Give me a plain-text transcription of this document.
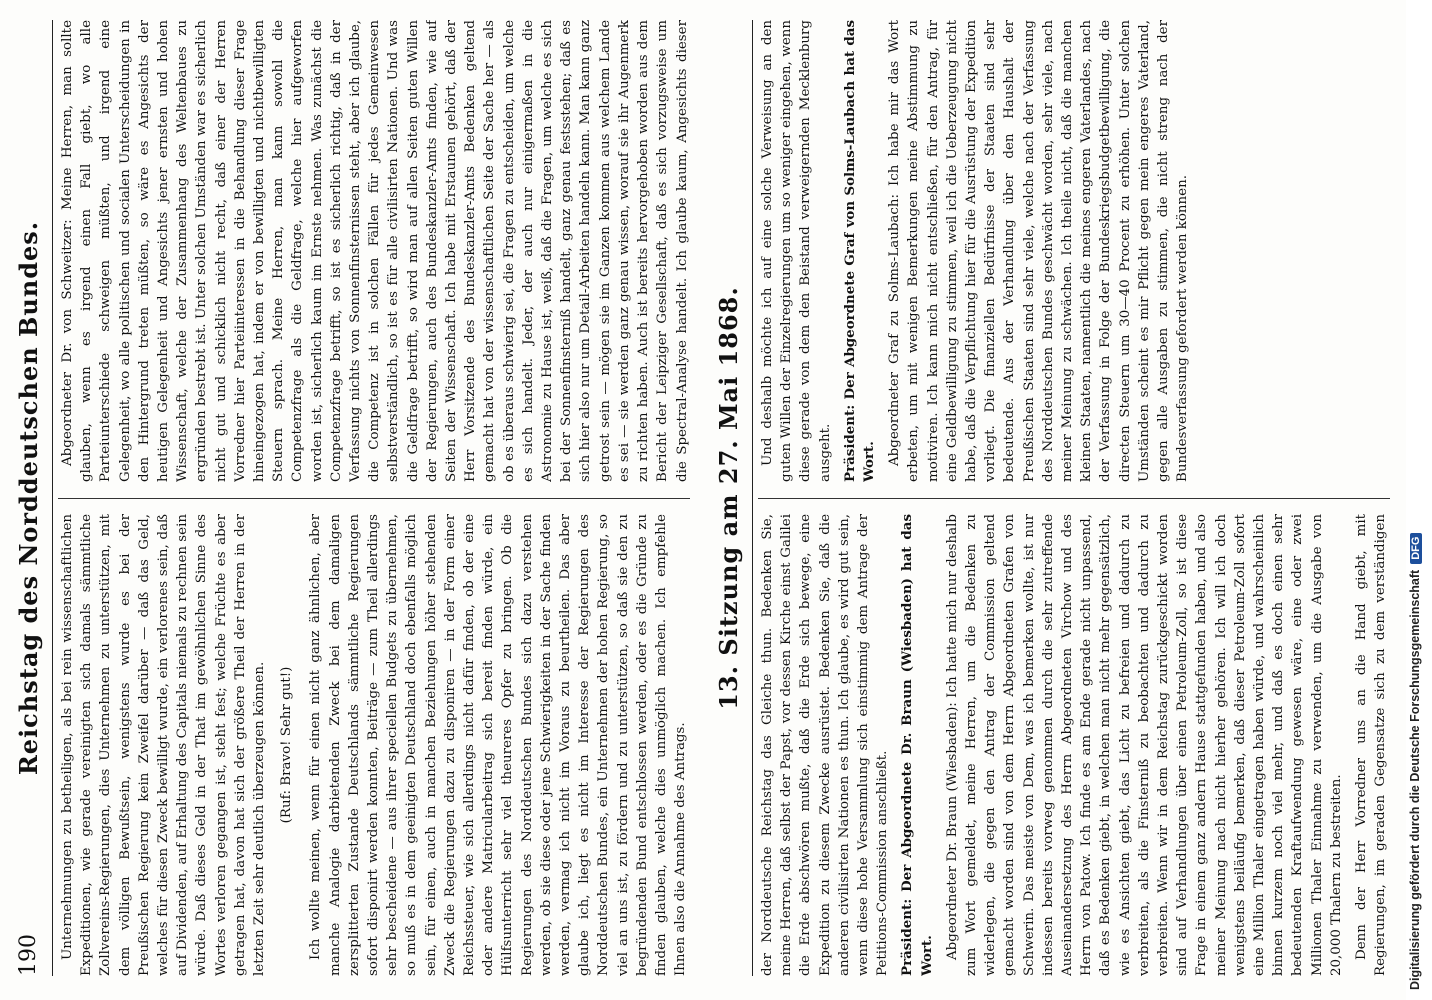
190
Reichstag des Norddeutschen Bundes. Unternehmungen zu betheiligen, als bei rein wissenschaftlichen Expeditionen, wie gerade vereinigten sich damals sämmtliche Zollvereins-Regierungen, dies Unternehmen zu unterstützen, mit dem völligen Bewußtsein, wenigstens wurde es bei der Preußischen Regierung kein Zweifel darüber — daß das Geld, welches für diesen Zweck bewilligt wurde, ein verlorenes sein, daß auf Dividenden, auf Erhaltung des Capitals niemals zu rechnen sein würde. Daß dieses Geld in der That im gewöhnlichen Sinne des Wortes verloren gegangen ist, steht fest; welche Früchte es aber getragen hat, davon hat sich der größere Theil der Herren in der letzten Zeit sehr deutlich überzeugen können. (Ruf: Bravo! Sehr gut!) Ich wollte meinen, wenn für einen nicht ganz ähnlichen, aber manche Analogie darbietenden Zweck bei dem damaligen zersplitterten Zustande Deutschlands sämmtliche Regierungen sofort disponirt werden konnten, Beiträge — zum Theil allerdings sehr bescheidene — aus ihrer speciellen Budgets zu übernehmen, so muß es in dem geeinigten Deutschland doch ebenfalls möglich sein, für einen, auch in manchen Beziehungen höher stehenden Zweck die Regierungen dazu zu disponiren — in der Form einer Reichssteuer, wie sich allerdings nicht dafür finden, ob der eine oder andere Matricularbeitrag sich bereit finden würde, ein Hülfsunterricht sehr viel theureres Opfer zu bringen. Ob die Regierungen des Norddeutschen Bundes sich dazu verstehen werden, ob sie diese oder jene Schwierigkeiten in der Sache finden werden, vermag ich nicht im Voraus zu beurtheilen. Das aber glaube ich, liegt es nicht im Interesse der Regierungen des Norddeutschen Bundes, ein Unternehmen der hohen Regierung, so viel an uns ist, zu fördern und zu unterstützen, so daß sie den zu begründenden Bund entschlossen werden, oder es die Gründe zu finden glauben, welche dies unmöglich machen. Ich empfehle Ihnen also die Annahme des Antrags.

Abgeordneter Dr. von Schweitzer: Meine Herren, man sollte glauben, wenn es irgend einen Fall giebt, wo alle Parteiunterschiede schweigen müßten, und irgend eine Gelegenheit, wo alle politischen und socialen Unterscheidungen in den Hintergrund treten müßten, so wäre es Angesichts der heutigen Gelegenheit und Angesichts jener ernsten und hohen Wissenschaft, welche der Zusammenhang des Weltenbaues zu ergründen bestrebt ist. Unter solchen Umständen war es sicherlich nicht gut und schicklich nicht recht, daß einer der Herren Vorredner hier Parteiinteressen in die Behandlung dieser Frage hineingezogen hat, indem er von bewilligten und nichtbewilligten Steuern sprach. Meine Herren, man kann sowohl die Competenzfrage als die Geldfrage, welche hier aufgeworfen worden ist, sicherlich kaum im Ernste nehmen. Was zunächst die Competenzfrage betrifft, so ist es sicherlich richtig, daß in der Verfassung nichts von Sonnenfinsternissen steht, aber ich glaube, die Competenz ist in solchen Fällen für jedes Gemeinwesen selbstverständlich, so ist es für alle civilisirten Nationen. Und was die Geldfrage betrifft, so wird man auf allen Seiten guten Willen der Regierungen, auch des Bundeskanzler-Amts finden, wie auf Seiten der Wissenschaft. Ich habe mit Erstaunen gehört, daß der Herr Vorsitzende des Bundeskanzler-Amts Bedenken geltend gemacht hat von der wissenschaftlichen Seite der Sache her — als ob es überaus schwierig sei, die Fragen zu entscheiden, um welche es sich handelt. Jeder, der auch nur einigermaßen in die Astronomie zu Hause ist, weiß, daß die Fragen, um welche es sich bei der Sonnenfinsterniß handelt, ganz genau festsstehen; daß es sich hier also nur um Detail-Arbeiten handeln kann. Man kann ganz getrost sein — mögen sie im Ganzen kommen aus welchem Lande es sei — sie werden ganz genau wissen, worauf sie ihr Augenmerk zu richten haben. Auch ist bereits hervorgehoben worden aus dem Bericht der Leipziger Gesellschaft, daß es sich vorzugsweise um die Spectral-Analyse handelt. Ich glaube kaum, Angesichts dieser

13. Sitzung am 27. Mai 1868.

der Norddeutsche Reichstag das Gleiche thun. Bedenken Sie, meine Herren, daß selbst der Papst, vor dessen Kirche einst Galilei die Erde abschwören mußte, daß die Erde sich bewege, eine Expedition zu diesem Zwecke ausrüstet. Bedenken Sie, daß die anderen civilisirten Nationen es thun. Ich glaube, es wird gut sein, wenn diese hohe Versammlung sich einstimmig dem Antrage der Petitions-Commission anschließt. Präsident: Der Abgeordnete Dr. Braun (Wiesbaden) hat das Wort. Abgeordneter Dr. Braun (Wiesbaden): Ich hatte mich nur deshalb zum Wort gemeldet, meine Herren, um die Bedenken zu widerlegen, die gegen den Antrag der Commission geltend gemacht worden sind von dem Herrn Abgeordneten Grafen von Schwerin. Das meiste von Dem, was ich bemerken wollte, ist nur indessen bereits vorweg genommen durch die sehr zutreffende Auseinandersetzung des Herrn Abgeordneten Virchow und des Herrn von Patow. Ich finde es am Ende gerade nicht unpassend, daß es Bedenken giebt, in welchen man nicht mehr gegensätzlich, wie es Ansichten giebt, das Licht zu befreien und dadurch zu verbreiten, als die Finsterniß zu beobachten und dadurch zu verbreiten. Wenn wir in dem Reichstag zurückgeschickt worden sind auf Verhandlungen über einen Petroleum-Zoll, so ist diese Frage in einem ganz andern Hause stattgefunden haben, und also meiner Meinung nach nicht hierher gehören. Ich will ich doch wenigstens beiläufig bemerken, daß dieser Petroleum-Zoll sofort eine Million Thaler eingetragen haben würde, und wahrscheinlich binnen kurzem noch viel mehr, und daß es doch einen sehr bedeutenden Kraftaufwendung gewesen wäre, eine oder zwei Millionen Thaler Einnahme zu verwenden, um die Ausgabe von 20,000 Thalern zu bestreiten. Denn der Herr Vorredner uns an die Hand giebt, mit Regierungen, im geraden Gegensatze sich zu dem verständigen

Und deshalb möchte ich auf eine solche Verweisung an den guten Willen der Einzelregierungen um so weniger eingehen, wenn diese gerade von dem den Beistand verweigernden Mecklenburg ausgeht. Präsident: Der Abgeordnete Graf von Solms-Laubach hat das Wort. Abgeordneter Graf zu Solms-Laubach: Ich habe mir das Wort erbeten, um mit wenigen Bemerkungen meine Abstimmung zu motiviren. Ich kann mich nicht entschließen, für den Antrag, für eine Geldbewilligung zu stimmen, weil ich die Ueberzeugung nicht habe, daß die Verpflichtung hier für die Ausrüstung der Expedition vorliegt. Die finanziellen Bedürfnisse der Staaten sind sehr bedeutende. Aus der Verhandlung über den Haushalt der Preußischen Staaten sind sehr viele, welche nach der Verfassung des Norddeutschen Bundes geschwächt worden, sehr viele, nach meiner Meinung zu schwächen. Ich theile nicht, daß die manchen kleinen Staaten, namentlich die meines engeren Vaterlandes, nach der Verfassung in Folge der Bundeskriegsbudgetbewilligung, die directen Steuern um 30—40 Procent zu erhöhen. Unter solchen Umständen scheint es mir Pflicht gegen mein engeres Vaterland, gegen alle Ausgaben zu stimmen, die nicht streng nach der Bundesverfassung gefordert werden können.

Digitalisierung gefördert durch die Deutsche ForschungsgemeinschaftDFG
